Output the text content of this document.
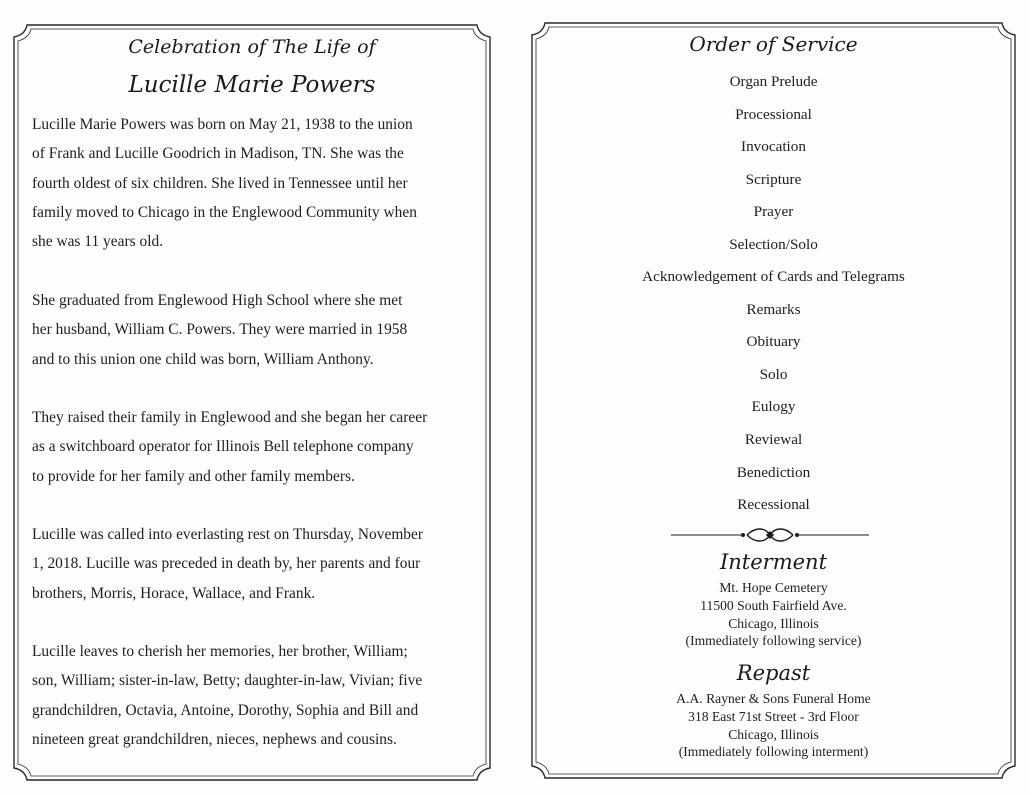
Celebration of The Life of
Lucille Marie Powers

Lucille Marie Powers was born on May 21, 1938 to the union
of Frank and Lucille Goodrich in Madison, TN. She was the
fourth oldest of six children. She lived in Tennessee until her
family moved to Chicago in the Englewood Community when
she was 11 years old.

She graduated from Englewood High School where she met
her husband, William C. Powers. They were married in 1958
and to this union one child was born, William Anthony.

They raised their family in Englewood and she began her career
as a switchboard operator for Illinois Bell telephone company
to provide for her family and other family members.

Lucille was called into everlasting rest on Thursday, November
1, 2018. Lucille was preceded in death by, her parents and four
brothers, Morris, Horace, Wallace, and Frank.

Lucille leaves to cherish her memories, her brother, William;
son, William; sister-in-law, Betty; daughter-in-law, Vivian; five
grandchildren, Octavia, Antoine, Dorothy, Sophia and Bill and
nineteen great grandchildren, nieces, nephews and cousins.

Order of Service
Organ Prelude
Processional
Invocation
Scripture
Prayer
Selection/Solo
Acknowledgement of Cards and Telegrams
Remarks
Obituary
Solo
Eulogy
Reviewal
Benediction
Recessional
Interment
Mt. Hope Cemetery
11500 South Fairfield Ave.
Chicago, Illinois
(Immediately following service)
Repast
A.A. Rayner & Sons Funeral Home
318 East 71st Street - 3rd Floor
Chicago, Illinois
(Immediately following interment)
